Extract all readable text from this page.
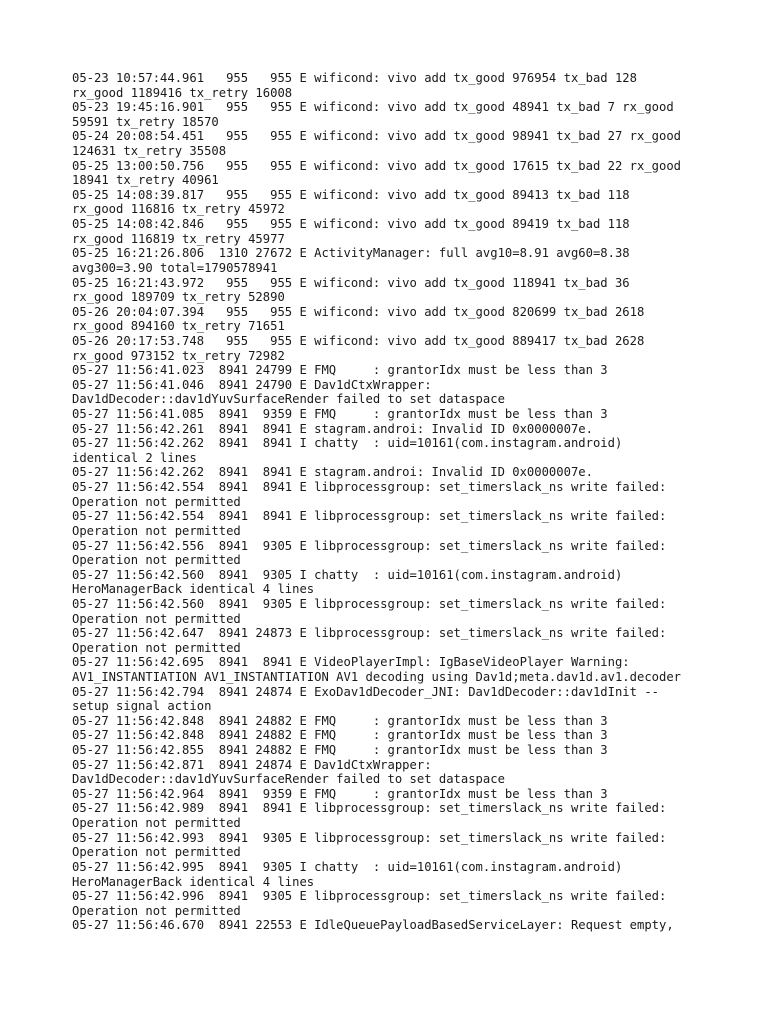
05-23 10:57:44.961   955   955 E wificond: vivo add tx_good 976954 tx_bad 128
rx_good 1189416 tx_retry 16008
05-23 19:45:16.901   955   955 E wificond: vivo add tx_good 48941 tx_bad 7 rx_good
59591 tx_retry 18570
05-24 20:08:54.451   955   955 E wificond: vivo add tx_good 98941 tx_bad 27 rx_good
124631 tx_retry 35508
05-25 13:00:50.756   955   955 E wificond: vivo add tx_good 17615 tx_bad 22 rx_good
18941 tx_retry 40961
05-25 14:08:39.817   955   955 E wificond: vivo add tx_good 89413 tx_bad 118
rx_good 116816 tx_retry 45972
05-25 14:08:42.846   955   955 E wificond: vivo add tx_good 89419 tx_bad 118
rx_good 116819 tx_retry 45977
05-25 16:21:26.806  1310 27672 E ActivityManager: full avg10=8.91 avg60=8.38
avg300=3.90 total=1790578941
05-25 16:21:43.972   955   955 E wificond: vivo add tx_good 118941 tx_bad 36
rx_good 189709 tx_retry 52890
05-26 20:04:07.394   955   955 E wificond: vivo add tx_good 820699 tx_bad 2618
rx_good 894160 tx_retry 71651
05-26 20:17:53.748   955   955 E wificond: vivo add tx_good 889417 tx_bad 2628
rx_good 973152 tx_retry 72982
05-27 11:56:41.023  8941 24799 E FMQ     : grantorIdx must be less than 3
05-27 11:56:41.046  8941 24790 E Dav1dCtxWrapper:
Dav1dDecoder::dav1dYuvSurfaceRender failed to set dataspace
05-27 11:56:41.085  8941  9359 E FMQ     : grantorIdx must be less than 3
05-27 11:56:42.261  8941  8941 E stagram.androi: Invalid ID 0x0000007e.
05-27 11:56:42.262  8941  8941 I chatty  : uid=10161(com.instagram.android)
identical 2 lines
05-27 11:56:42.262  8941  8941 E stagram.androi: Invalid ID 0x0000007e.
05-27 11:56:42.554  8941  8941 E libprocessgroup: set_timerslack_ns write failed:
Operation not permitted
05-27 11:56:42.554  8941  8941 E libprocessgroup: set_timerslack_ns write failed:
Operation not permitted
05-27 11:56:42.556  8941  9305 E libprocessgroup: set_timerslack_ns write failed:
Operation not permitted
05-27 11:56:42.560  8941  9305 I chatty  : uid=10161(com.instagram.android)
HeroManagerBack identical 4 lines
05-27 11:56:42.560  8941  9305 E libprocessgroup: set_timerslack_ns write failed:
Operation not permitted
05-27 11:56:42.647  8941 24873 E libprocessgroup: set_timerslack_ns write failed:
Operation not permitted
05-27 11:56:42.695  8941  8941 E VideoPlayerImpl: IgBaseVideoPlayer Warning:
AV1_INSTANTIATION AV1_INSTANTIATION AV1 decoding using Dav1d;meta.dav1d.av1.decoder
05-27 11:56:42.794  8941 24874 E ExoDav1dDecoder_JNI: Dav1dDecoder::dav1dInit --
setup signal action
05-27 11:56:42.848  8941 24882 E FMQ     : grantorIdx must be less than 3
05-27 11:56:42.848  8941 24882 E FMQ     : grantorIdx must be less than 3
05-27 11:56:42.855  8941 24882 E FMQ     : grantorIdx must be less than 3
05-27 11:56:42.871  8941 24874 E Dav1dCtxWrapper:
Dav1dDecoder::dav1dYuvSurfaceRender failed to set dataspace
05-27 11:56:42.964  8941  9359 E FMQ     : grantorIdx must be less than 3
05-27 11:56:42.989  8941  8941 E libprocessgroup: set_timerslack_ns write failed:
Operation not permitted
05-27 11:56:42.993  8941  9305 E libprocessgroup: set_timerslack_ns write failed:
Operation not permitted
05-27 11:56:42.995  8941  9305 I chatty  : uid=10161(com.instagram.android)
HeroManagerBack identical 4 lines
05-27 11:56:42.996  8941  9305 E libprocessgroup: set_timerslack_ns write failed:
Operation not permitted
05-27 11:56:46.670  8941 22553 E IdleQueuePayloadBasedServiceLayer: Request empty,
